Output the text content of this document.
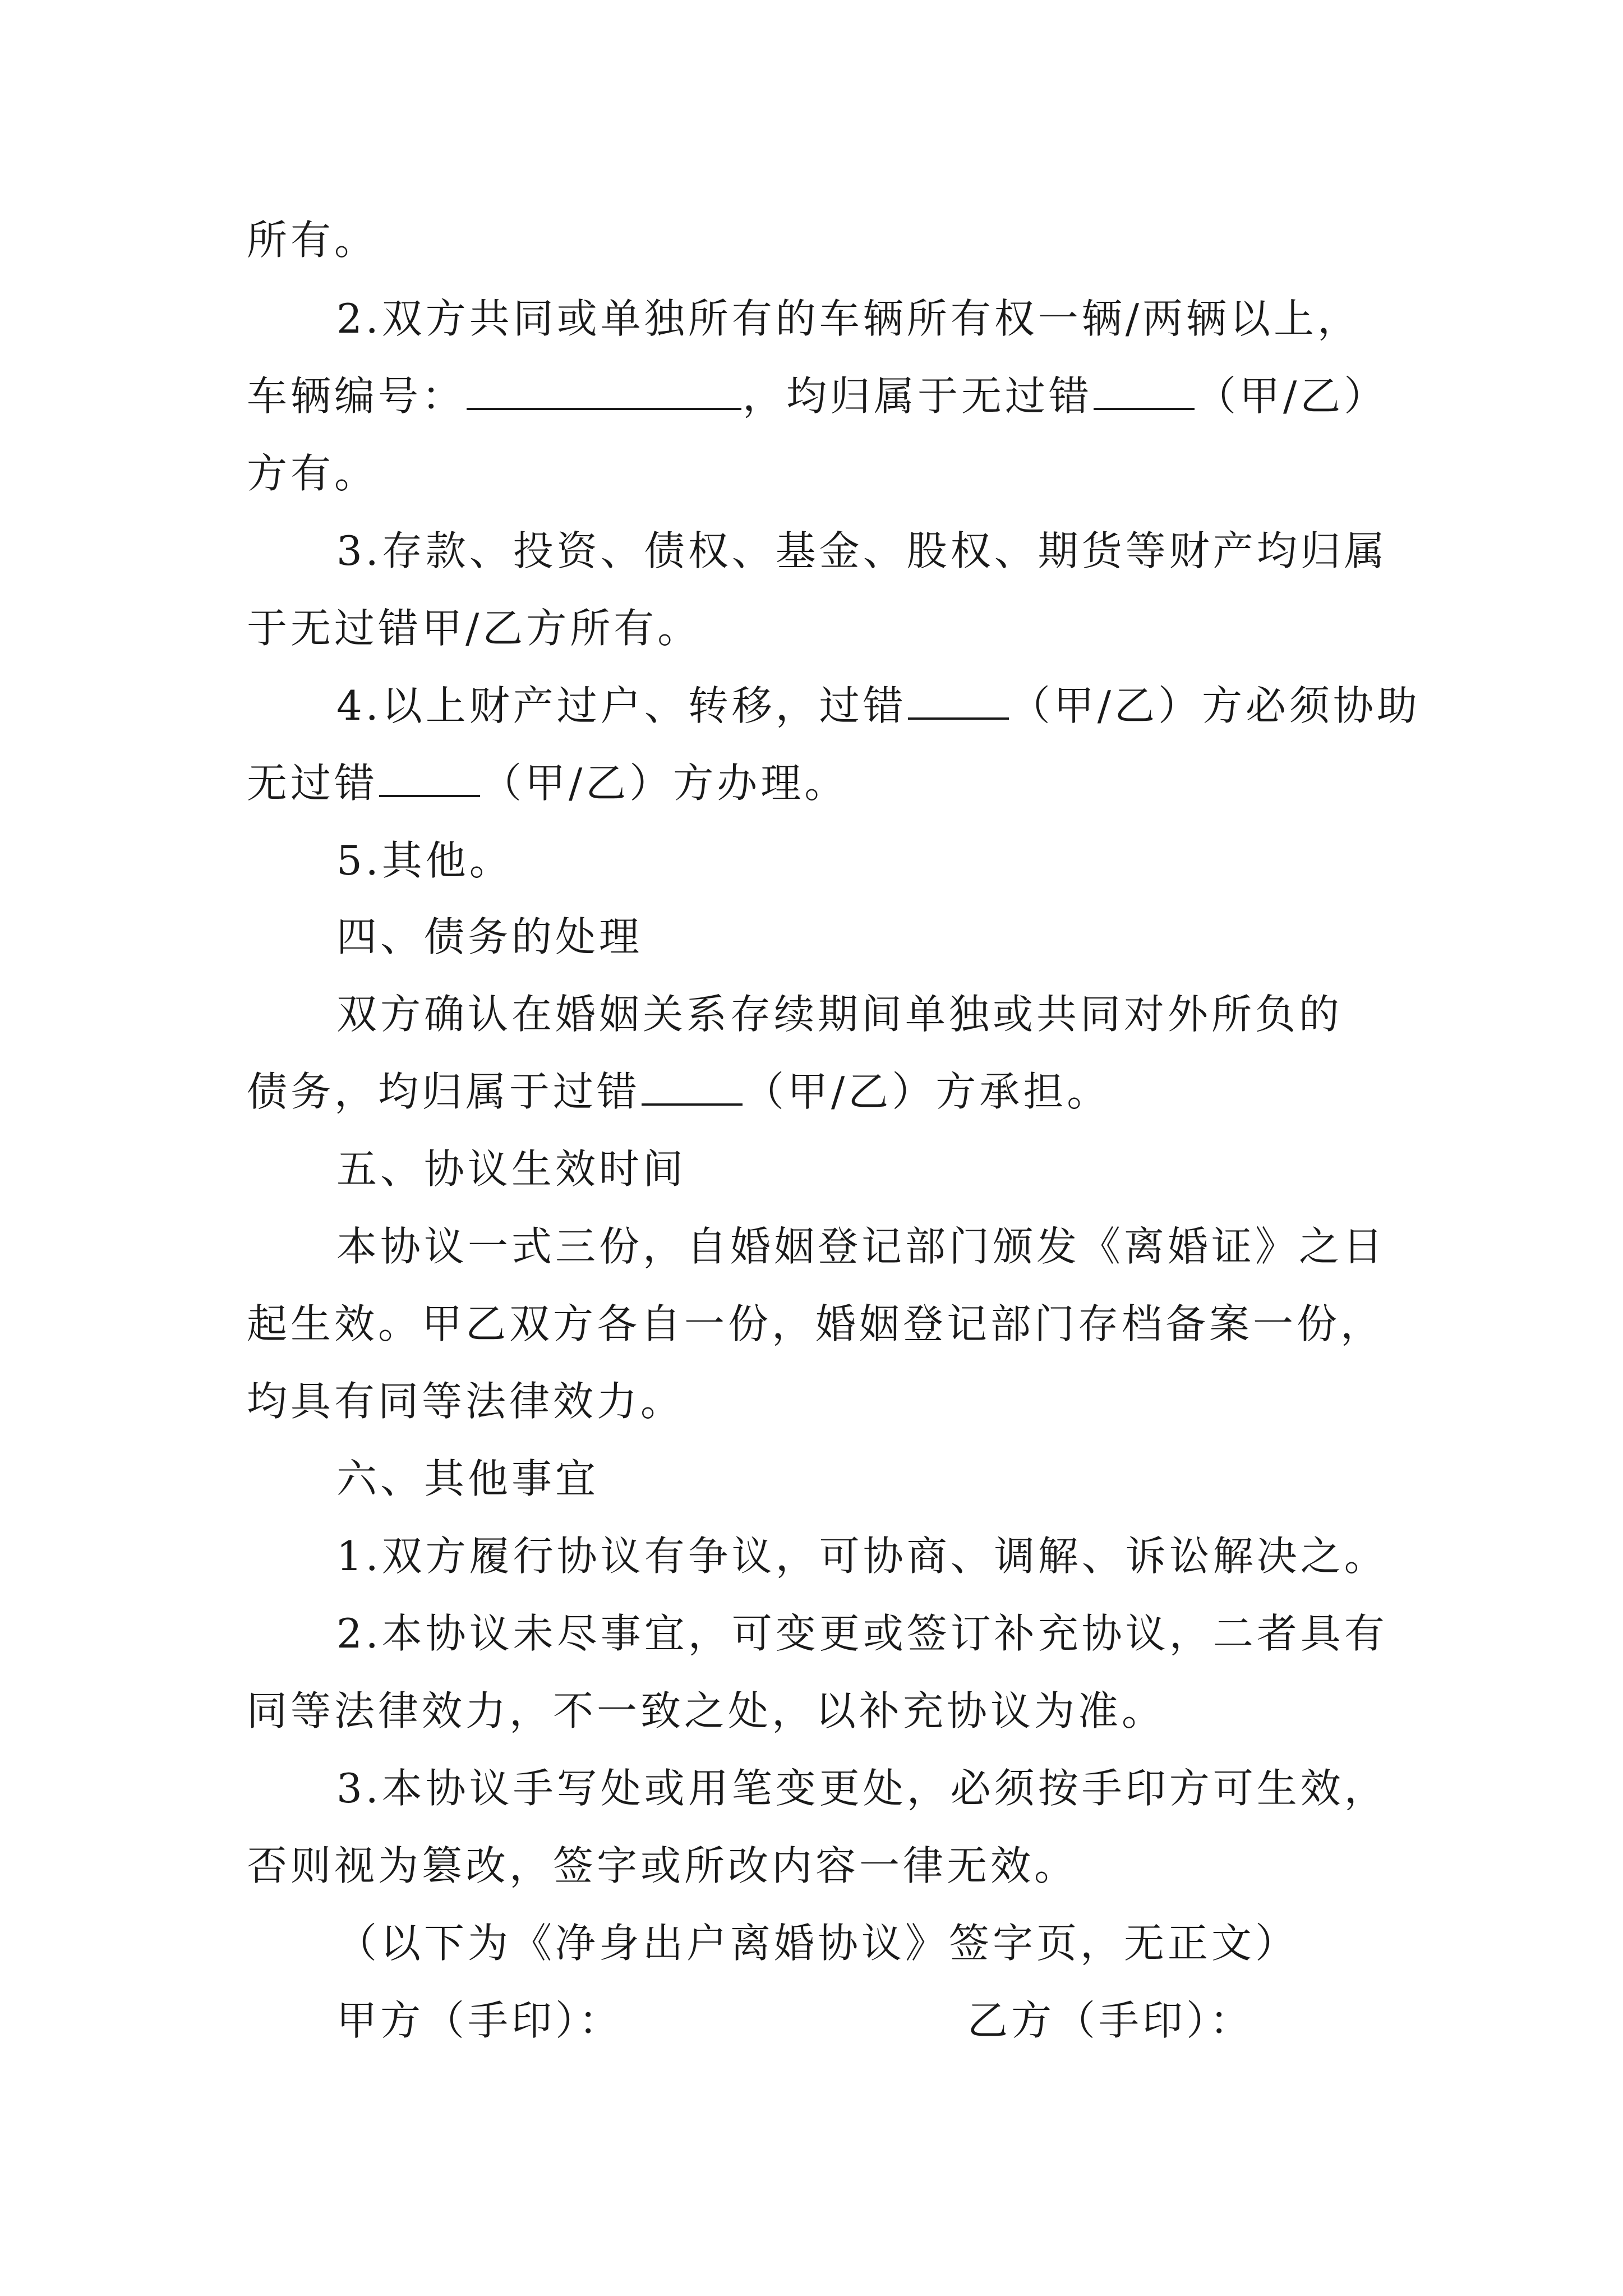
所有。
2.双方共同或单独所有的车辆所有权一辆/两辆以上，
车辆编号：	，均归属于无过错	（甲/乙）
方有。
3.存款、投资、债权、基金、股权、期货等财产均归属
于无过错甲/乙方所有。
4.以上财产过户、转移，过错	（甲/乙）方必须协助
无过错	（甲/乙）方办理。
5.其他。
四、债务的处理
双方确认在婚姻关系存续期间单独或共同对外所负的
债务，均归属于过错	（甲/乙）方承担。
五、协议生效时间
本协议一式三份，自婚姻登记部门颁发《离婚证》之日
起生效。甲乙双方各自一份，婚姻登记部门存档备案一份，
均具有同等法律效力。
六、其他事宜
1.双方履行协议有争议，可协商、调解、诉讼解决之。
2.本协议未尽事宜，可变更或签订补充协议，二者具有
同等法律效力，不一致之处，以补充协议为准。
3.本协议手写处或用笔变更处，必须按手印方可生效，
否则视为篡改，签字或所改内容一律无效。
（以下为《净身出户离婚协议》签字页，无正文）
甲方（手印）：	乙方（手印）：
